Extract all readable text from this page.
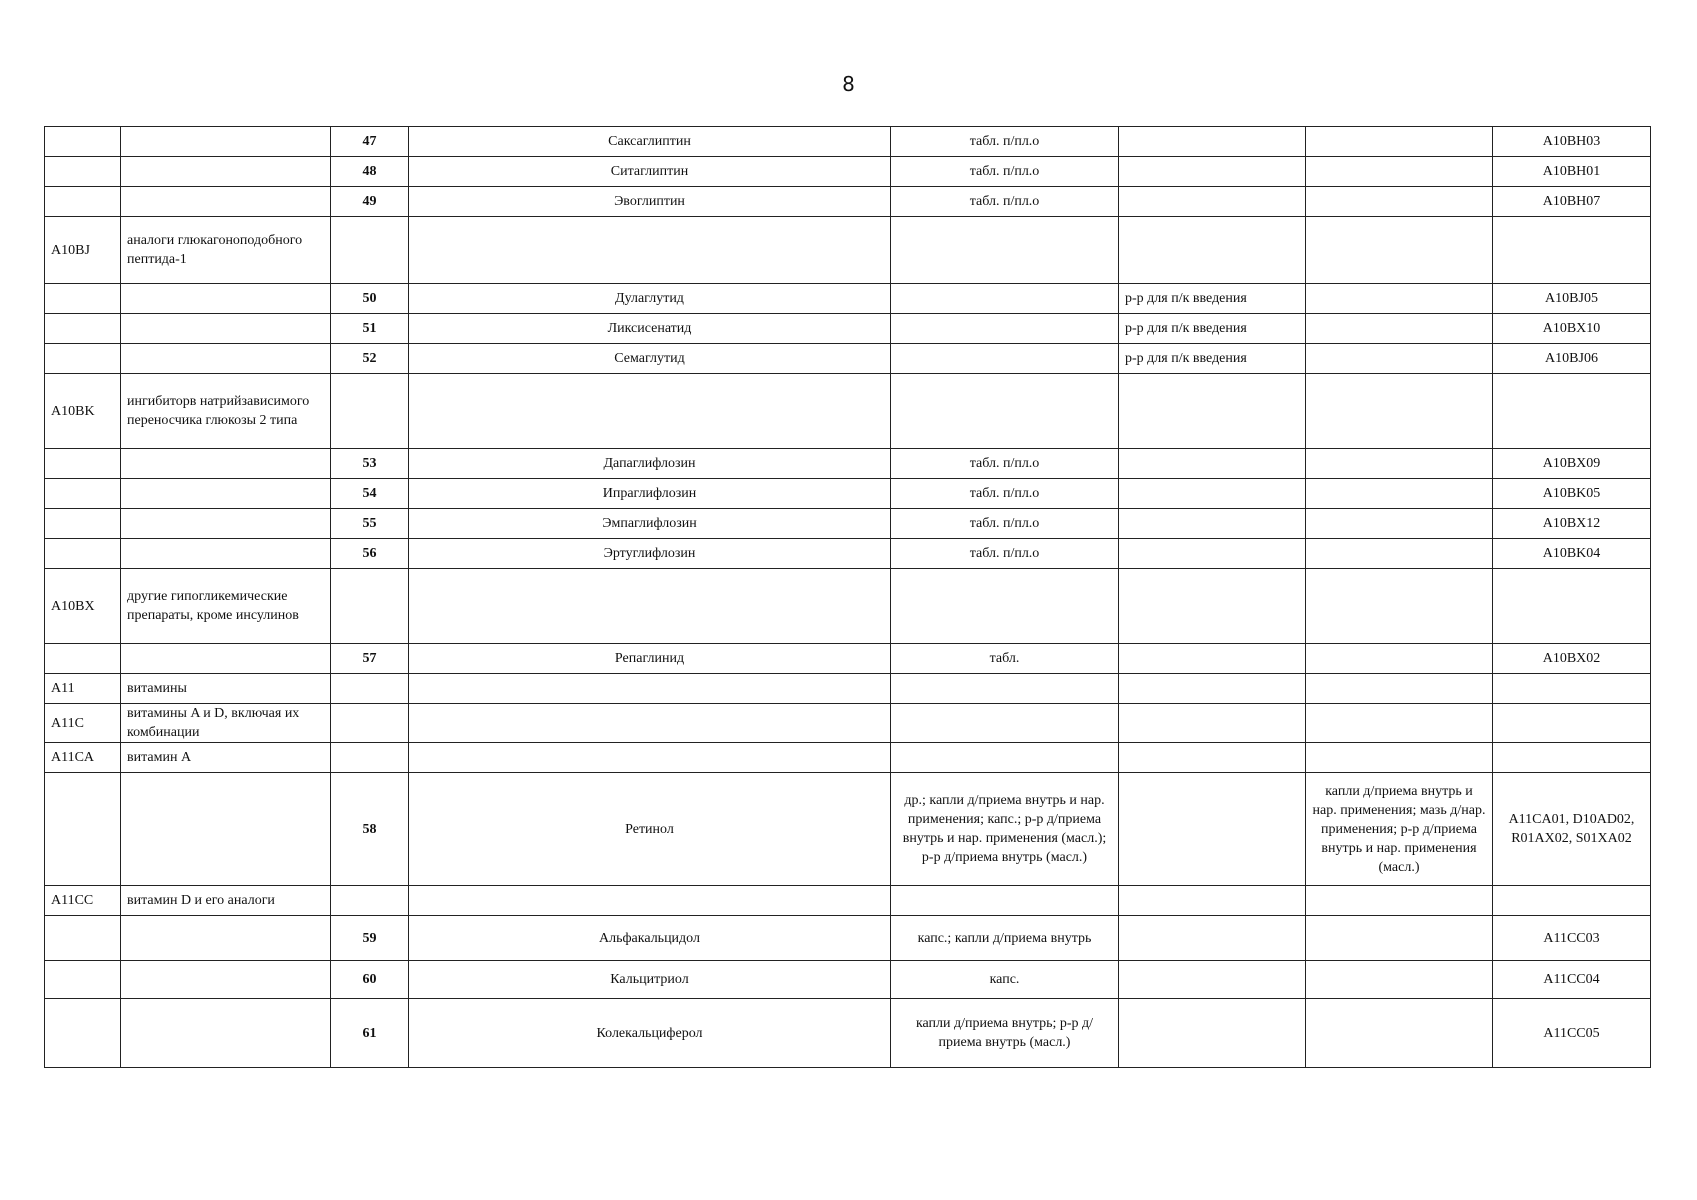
8
		47	Саксаглиптин	табл. п/пл.о			A10BH03
		48	Ситаглиптин	табл. п/пл.о			A10BH01
		49	Эвоглиптин	табл. п/пл.о			A10BH07
A10BJ	аналоги глюкагоноподобного пептида-1						
		50	Дулаглутид		р-р для п/к введения		A10BJ05
		51	Ликсисенатид		р-р для п/к введения		A10BX10
		52	Семаглутид		р-р для п/к введения		A10BJ06
A10BK	ингибиторв натрийзависимого переносчика глюкозы 2 типа						
		53	Дапаглифлозин	табл. п/пл.о			A10BX09
		54	Ипраглифлозин	табл. п/пл.о			A10BK05
		55	Эмпаглифлозин	табл. п/пл.о			A10BX12
		56	Эртуглифлозин	табл. п/пл.о			A10BK04
A10BX	другие гипогликемические препараты, кроме инсулинов						
		57	Репаглинид	табл.			A10BX02
A11	витамины						
A11C	витамины A и D, включая их комбинации						
A11CA	витамин A						
		58	Ретинол	др.; капли д/приема внутрь и нар. применения; капс.; р-р д/приема внутрь и нар. применения (масл.); р-р д/приема внутрь (масл.)		капли д/приема внутрь и нар. применения; мазь д/нар. применения; р-р д/приема внутрь и нар. применения (масл.)	A11CA01, D10AD02, R01AX02, S01XA02
A11CC	витамин D и его аналоги						
		59	Альфакальцидол	капс.; капли д/приема внутрь			A11CC03
		60	Кальцитриол	капс.			A11CC04
		61	Колекальциферол	капли д/приема внутрь; р-р д/приема внутрь (масл.)			A11CC05
